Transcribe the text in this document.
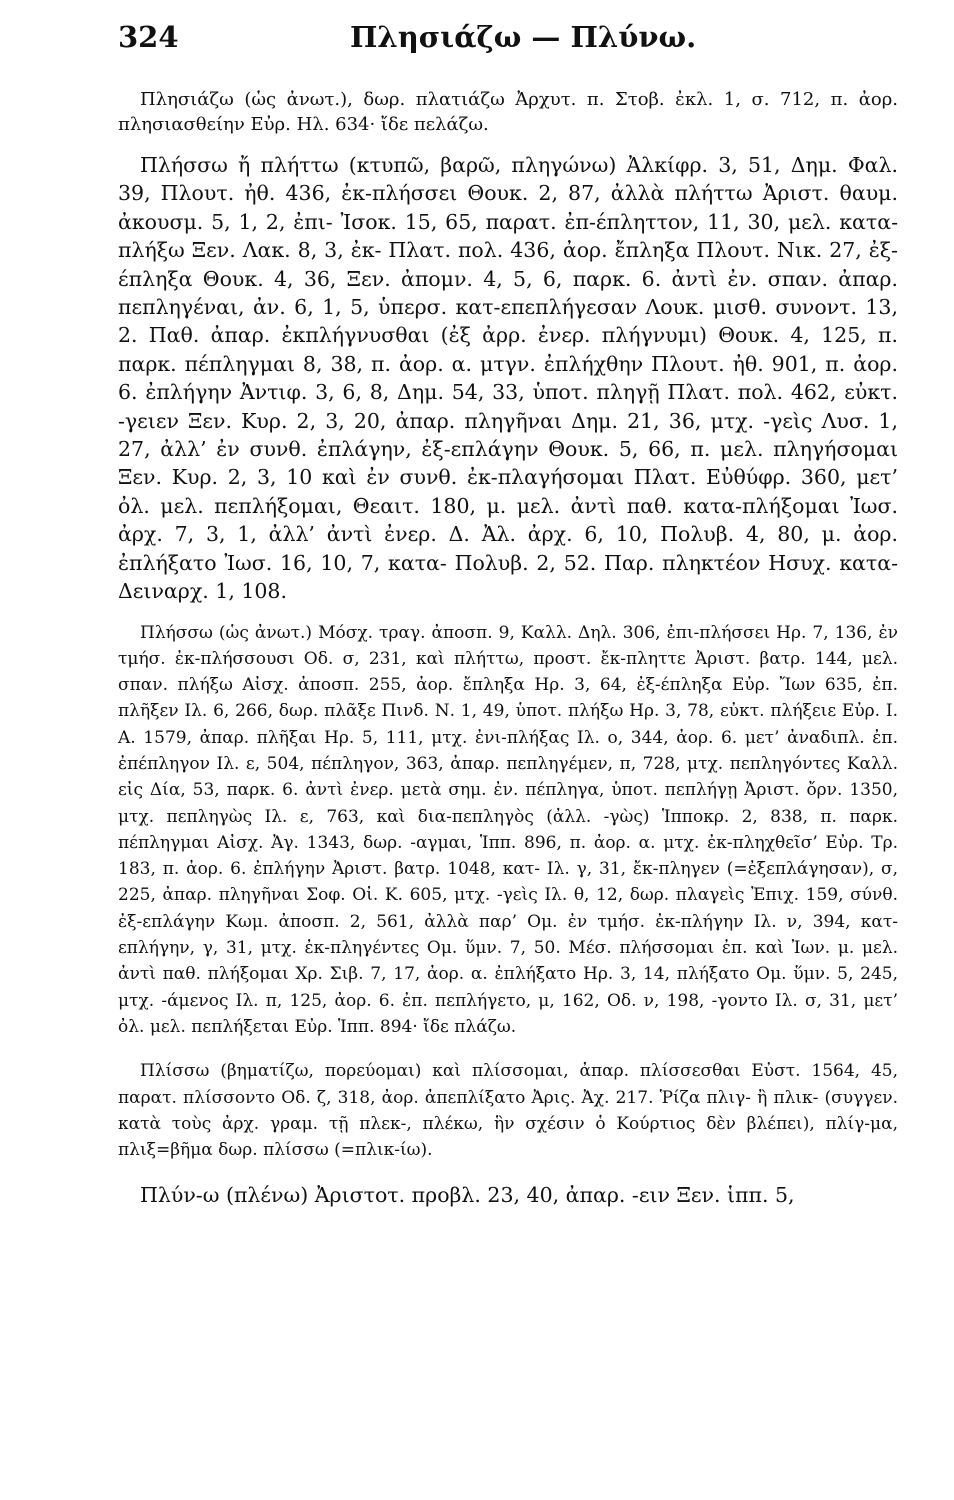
324	Πλησιάζω — Πλύνω.

Πλησιάζω (ὡς ἀνωτ.), δωρ. πλατιάζω Ἀρχυτ. π. Στοβ. ἐκλ. 1, σ. 712, π. ἀορ. πλησιασθείην Εὐρ. Ηλ. 634· ἴδε πελάζω.

Πλήσσω ἤ πλήττω (κτυπῶ, βαρῶ, πληγώνω) Ἀλκίφρ. 3, 51, Δημ. Φαλ. 39, Πλουτ. ἠθ. 436, ἐκ-πλήσσει Θουκ. 2, 87, ἀλλὰ πλήττω Ἀριστ. θαυμ. ἀκουσμ. 5, 1, 2, ἐπι- Ἰσοκ. 15, 65, παρατ. ἐπ-έπληττον, 11, 30, μελ. κατα-πλήξω Ξεν. Λακ. 8, 3, ἐκ- Πλατ. πολ. 436, ἀορ. ἔπληξα Πλουτ. Νικ. 27, ἐξ-έπληξα Θουκ. 4, 36, Ξεν. ἀπομν. 4, 5, 6, παρκ. 6. ἀντὶ ἐν. σπαν. ἀπαρ. πεπληγέναι, ἀν. 6, 1, 5, ὑπερσ. κατ-επεπλήγεσαν Λουκ. μισθ. συνοντ. 13, 2. Παθ. ἀπαρ. ἐκπλήγνυσθαι (ἐξ ἀρρ. ἐνερ. πλήγνυμι) Θουκ. 4, 125, π. παρκ. πέπληγμαι 8, 38, π. ἀορ. α. μτγν. ἐπλήχθην Πλουτ. ἠθ. 901, π. ἀορ. 6. ἐπλήγην Ἀντιφ. 3, 6, 8, Δημ. 54, 33, ὑποτ. πληγῇ Πλατ. πολ. 462, εὐκτ. -γειεν Ξεν. Κυρ. 2, 3, 20, ἀπαρ. πληγῆναι Δημ. 21, 36, μτχ. -γεὶς Λυσ. 1, 27, ἀλλ’ ἐν συνθ. ἐπλάγην, ἐξ-επλάγην Θουκ. 5, 66, π. μελ. πληγήσομαι Ξεν. Κυρ. 2, 3, 10 καὶ ἐν συνθ. ἐκ-πλαγήσομαι Πλατ. Εὐθύφρ. 360, μετ’ ὀλ. μελ. πεπλήξομαι, Θεαιτ. 180, μ. μελ. ἀντὶ παθ. κατα-πλήξομαι Ἰωσ. ἀρχ. 7, 3, 1, ἀλλ’ ἀντὶ ἐνερ. Δ. Ἀλ. ἀρχ. 6, 10, Πολυβ. 4, 80, μ. ἀορ. ἐπλήξατο Ἰωσ. 16, 10, 7, κατα- Πολυβ. 2, 52. Παρ. πληκτέον Ησυχ. κατα- Δειναρχ. 1, 108.

Πλήσσω (ὡς ἀνωτ.) Μόσχ. τραγ. ἀποσπ. 9, Καλλ. Δηλ. 306, ἐπι-πλήσσει Ηρ. 7, 136, ἐν τμήσ. ἐκ-πλήσσουσι Οδ. σ, 231, καὶ πλήττω, προστ. ἔκ-πληττε Ἀριστ. βατρ. 144, μελ. σπαν. πλήξω Αἰσχ. ἀποσπ. 255, ἀορ. ἔπληξα Ηρ. 3, 64, ἐξ-έπληξα Εὐρ. Ἴων 635, ἐπ. πλῆξεν Ιλ. 6, 266, δωρ. πλᾶξε Πινδ. Ν. 1, 49, ὑποτ. πλήξω Ηρ. 3, 78, εὐκτ. πλήξειε Εὐρ. Ι. Α. 1579, ἀπαρ. πλῆξαι Ηρ. 5, 111, μτχ. ἐνι-πλήξας Ιλ. ο, 344, ἀορ. 6. μετ’ ἀναδιπλ. ἐπ. ἐπέπληγον Ιλ. ε, 504, πέπληγον, 363, ἀπαρ. πεπληγέμεν, π, 728, μτχ. πεπληγόντες Καλλ. εἰς Δία, 53, παρκ. 6. ἀντὶ ἐνερ. μετὰ σημ. ἐν. πέπληγα, ὑποτ. πεπλήγῃ Ἀριστ. ὄρν. 1350, μτχ. πεπληγὼς Ιλ. ε, 763, καὶ δια-πεπληγὸς (ἀλλ. -γὼς) Ἱπποκρ. 2, 838, π. παρκ. πέπληγμαι Αἰσχ. Ἀγ. 1343, δωρ. -αγμαι, Ἱππ. 896, π. ἀορ. α. μτχ. ἐκ-πληχθεῖσ’ Εὐρ. Τρ. 183, π. ἀορ. 6. ἐπλήγην Ἀριστ. βατρ. 1048, κατ- Ιλ. γ, 31, ἔκ-πληγεν (=ἐξεπλάγησαν), σ, 225, ἀπαρ. πληγῆναι Σοφ. Οἰ. Κ. 605, μτχ. -γεὶς Ιλ. θ, 12, δωρ. πλαγεὶς Ἐπιχ. 159, σύνθ. ἐξ-επλάγην Κωμ. ἀποσπ. 2, 561, ἀλλὰ παρ’ Ομ. ἐν τμήσ. ἐκ-πλήγην Ιλ. ν, 394, κατ-επλήγην, γ, 31, μτχ. ἐκ-πληγέντες Ομ. ὕμν. 7, 50. Μέσ. πλήσσομαι ἐπ. καὶ Ἰων. μ. μελ. ἀντὶ παθ. πλήξομαι Χρ. Σιβ. 7, 17, ἀορ. α. ἐπλήξατο Ηρ. 3, 14, πλήξατο Ομ. ὕμν. 5, 245, μτχ. -άμενος Ιλ. π, 125, ἀορ. 6. ἐπ. πεπλήγετο, μ, 162, Οδ. ν, 198, -γοντο Ιλ. σ, 31, μετ’ ὀλ. μελ. πεπλήξεται Εὐρ. Ἱππ. 894· ἴδε πλάζω.

Πλίσσω (βηματίζω, πορεύομαι) καὶ πλίσσομαι, ἀπαρ. πλίσσεσθαι Εὐστ. 1564, 45, παρατ. πλίσσοντο Οδ. ζ, 318, ἀορ. ἀπεπλίξατο Ἀρις. Ἀχ. 217. Ῥίζα πλιγ- ἢ πλικ- (συγγεν. κατὰ τοὺς ἀρχ. γραμ. τῇ πλεκ-, πλέκω, ἣν σχέσιν ὁ Κούρτιος δὲν βλέπει), πλίγ-μα, πλιξ=βῆμα δωρ. πλίσσω (=πλικ-ίω).

Πλύν-ω (πλένω) Ἀριστοτ. προβλ. 23, 40, ἀπαρ. -ειν Ξεν. ἱππ. 5,
